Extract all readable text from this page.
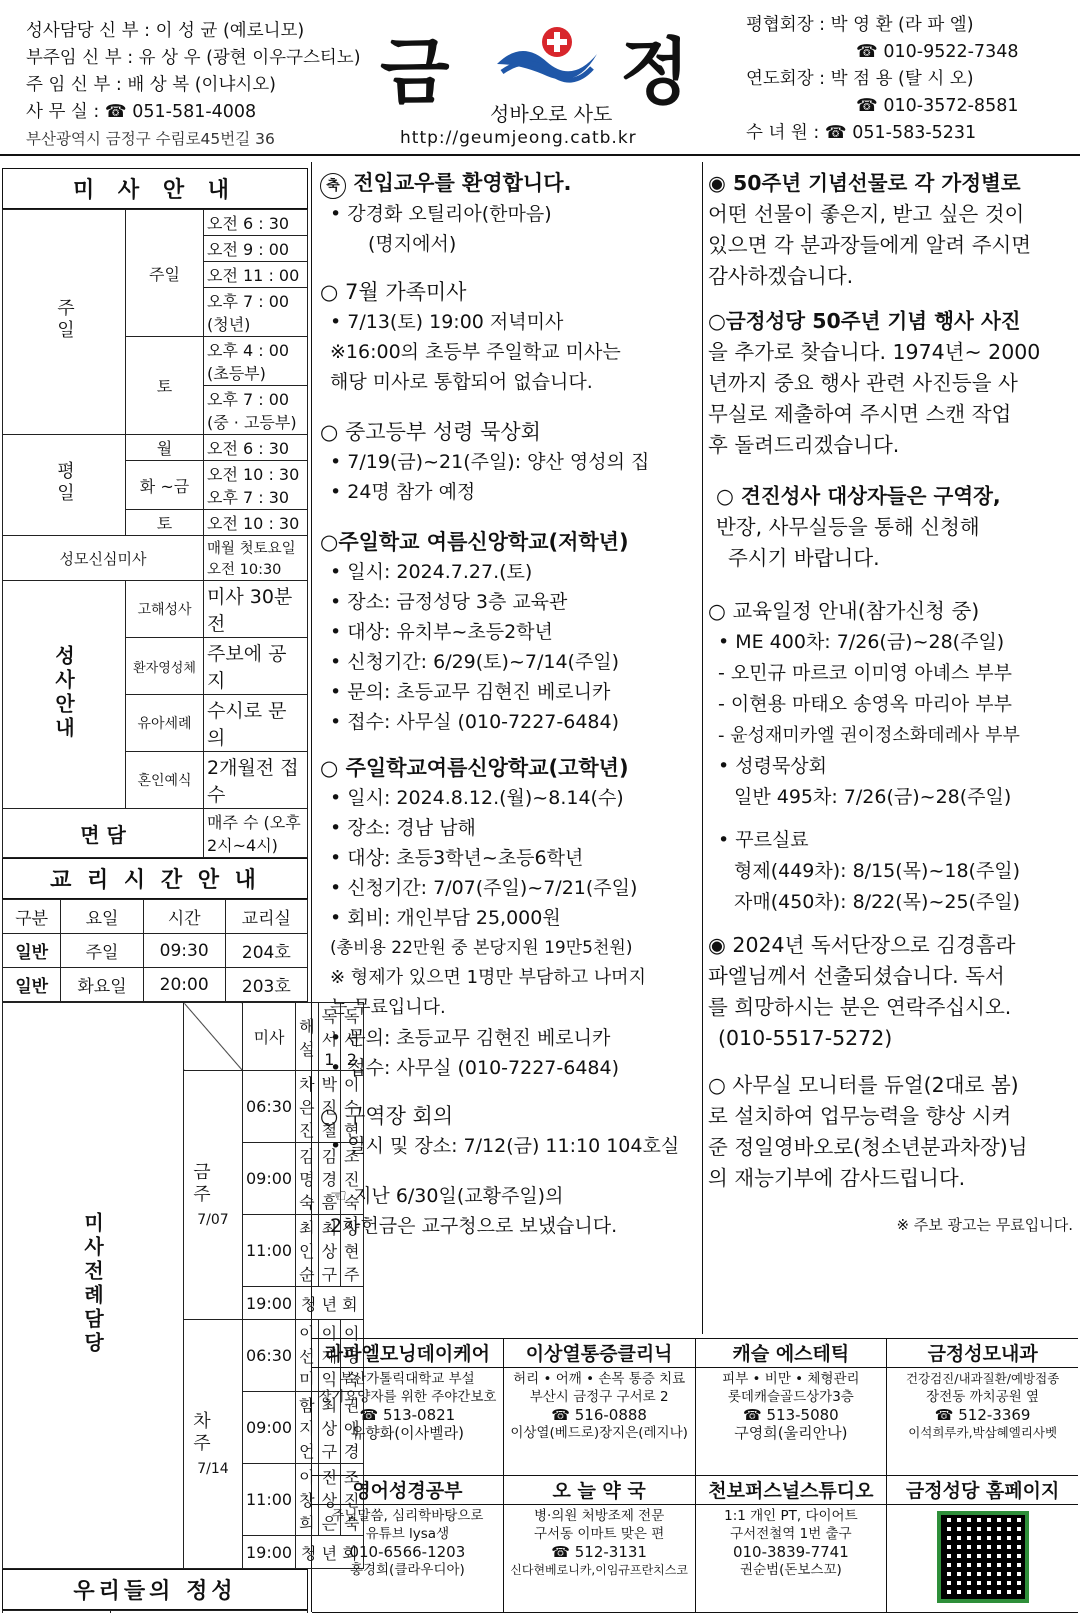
성사담당 신 부 : 이 성 균 (예로니모)
부주임 신 부 : 유 상 우 (광현 이우구스티노)
주 임 신 부 : 배 상 복 (이냐시오)
사 무 실 : ☎ 051-581-4008
부산광역시 금정구 수림로45번길 36
금 정
성바오로 사도
http://geumjeong.catb.kr
평협회장 : 박 영 환 (라 파 엘)
☎ 010-9522-7348
연도회장 : 박 점 용 (탈 시 오)
☎ 010-3572-8581
수 녀 원 : ☎ 051-583-5231
미 사 안 내
주일	주일	오전 6 : 30
		오전 9 : 00
		오전 11 : 00
		오후 7 : 00 (청년)
	토	오후 4 : 00 (초등부)
		오후 7 : 00 (중 · 고등부)
평일	월	오전 6 : 30
	화 ~금	오전 10 : 30 오후 7 : 30
	토	오전 10 : 30
성모신심미사		매월 첫토요일 오전 10:30
성사안내	고해성사	미사 30분 전
	환자영성체	주보에 공지
	유아세례	수시로 문의
	혼인예식	2개월전 접수
면 담		매주 수 (오후2시~4시)
교 리 시 간 안 내
구분	요일	시간	교리실
일반	주일	09:30	204호
일반	화요일	20:00	203호
미사전례담당		미사	해설	독서1	독서2

	금주
7/07	06:30	차은진	박진철	이수현
		09:00	김명숙	김경흠	조진숙
		11:00	최인순	최상구	양현주
		19:00	청 년 회		

	차주
7/14	06:30	이선미	이재익	이영숙
		09:00	함지언	최상구	권애경
		11:00	이창희	진상은	조진숙
		19:00	청 년 회		
우리들의 정성

축 전입교우를 환영합니다.
• 강경화 오틸리아(한마음)
(명지에서)
○ 7월 가족미사
• 7/13(토) 19:00 저녁미사
※16:00의 초등부 주일학교 미사는
해당 미사로 통합되어 없습니다.
○ 중고등부 성령 묵상회
• 7/19(금)~21(주일): 양산 영성의 집
• 24명 참가 예정
○주일학교 여름신앙학교(저학년)
• 일시: 2024.7.27.(토)
• 장소: 금정성당 3층 교육관
• 대상: 유치부~초등2학년
• 신청기간: 6/29(토)~7/14(주일)
• 문의: 초등교무 김현진 베로니카
• 접수: 사무실 (010-7227-6484)
○ 주일학교여름신앙학교(고학년)
• 일시: 2024.8.12.(월)~8.14(수)
• 장소: 경남 남해
• 대상: 초등3학년~초등6학년
• 신청기간: 7/07(주일)~7/21(주일)
• 회비: 개인부담 25,000원
(총비용 22만원 중 본당지원 19만5천원)
※ 형제가 있으면 1명만 부담하고 나머지
는 무료입니다.
• 문의: 초등교무 김현진 베로니카
• 접수: 사무실 (010-7227-6484)
○ 구역장 회의
• 일시 및 장소: 7/12(금) 11:10 104호실
☜ 지난 6/30일(교황주일)의
2차헌금은 교구청으로 보냈습니다.
◉ 50주년 기념선물로 각 가정별로
어떤 선물이 좋은지, 받고 싶은 것이
있으면 각 분과장들에게 알려 주시면
감사하겠습니다.
○금정성당 50주년 기념 행사 사진
을 추가로 찾습니다. 1974년~ 2000
년까지 중요 행사 관련 사진등을 사
무실로 제출하여 주시면 스캔 작업
후 돌려드리겠습니다.
○ 견진성사 대상자들은 구역장,
반장, 사무실등을 통해 신청해
주시기 바랍니다.
○ 교육일정 안내(참가신청 중)
• ME 400차: 7/26(금)~28(주일)
- 오민규 마르코 이미영 아녜스 부부
- 이현용 마태오 송영옥 마리아 부부
- 윤성재미카엘 권이정소화데레사 부부
• 성령묵상회
일반 495차: 7/26(금)~28(주일)
• 꾸르실료
형제(449차): 8/15(목)~18(주일)
자매(450차): 8/22(목)~25(주일)
◉ 2024년 독서단장으로 김경흠라
파엘님께서 선출되셨습니다. 독서
를 희망하시는 분은 연락주십시오.
(010-5517-5272)
○ 사무실 모니터를 듀얼(2대로 봄)
로 설치하여 업무능력을 향상 시켜
준 정일영바오로(청소년분과차장)님
의 재능기부에 감사드립니다.
※ 주보 광고는 무료입니다.
라파엘모닝데이케어
부산가톨릭대학교 부설
장기요양자를 위한 주야간보호
☎ 513-0821
유향화(이사벨라)
이상열통증클리닉
허리 • 어깨 • 손목 통증 치료
부산시 금정구 구서로 2
☎ 516-0888
이상열(베드로)장지은(레지나)
캐슬 에스테틱
피부 • 비만 • 체형관리
롯데캐슬골드상가3층
☎ 513-5080
구영희(울리안나)
금정성모내과
건강검진/내과질환/예방접종
장전동 까치공원 옆
☎ 512-3369
이석희루카,박삼혜엘리사벳
영어성경공부
주님말씀, 심리학바탕으로
유튜브 lysa생
010-6566-1203
홍경희(클라우디아)
오 늘 약 국
병·의원 처방조제 전문
구서동 이마트 맞은 편
☎ 512-3131
신다현베로니카,이임규프란치스코
천보퍼스널스튜디오
1:1 개인 PT, 다이어트
구서전철역 1번 출구
010-3839-7741
권순범(돈보스꼬)
금정성당 홈페이지
